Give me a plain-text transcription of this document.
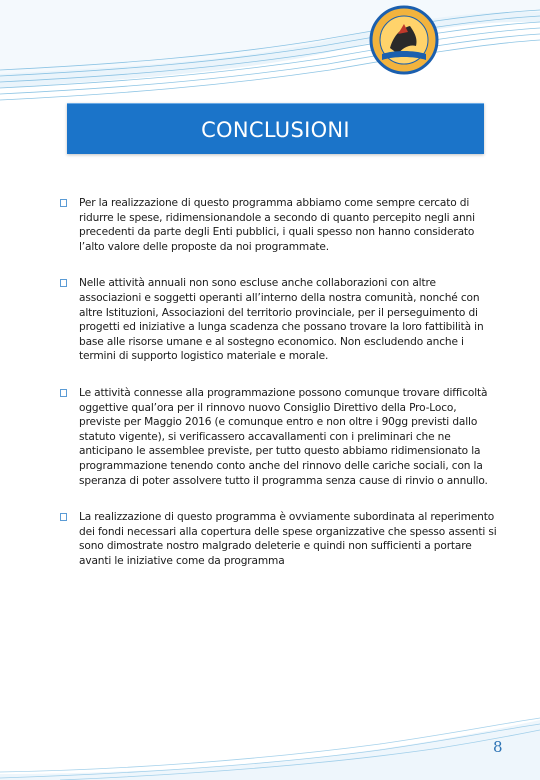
CONCLUSIONI
Per la realizzazione di questo programma abbiamo come sempre cercato di ridurre le spese, ridimensionandole a secondo di quanto percepito negli anni precedenti da parte degli Enti pubblici, i quali spesso non hanno considerato l’alto valore delle proposte da noi programmate.
Nelle attività annuali non sono escluse anche collaborazioni con altre associazioni e soggetti operanti all’interno della nostra comunità, nonché con altre Istituzioni, Associazioni del territorio provinciale, per il perseguimento di progetti ed iniziative a lunga scadenza che possano trovare la loro fattibilità in base alle risorse umane e al sostegno economico. Non escludendo anche i termini di supporto logistico materiale e morale.
Le attività connesse alla programmazione possono comunque trovare difficoltà oggettive qual’ora per il rinnovo nuovo Consiglio Direttivo della Pro-Loco, previste per Maggio 2016 (e comunque entro e non oltre i 90gg previsti dallo statuto vigente), si verificassero accavallamenti con i preliminari che ne anticipano le assemblee previste, per tutto questo abbiamo ridimensionato la programmazione tenendo conto anche del rinnovo delle cariche sociali, con la speranza di poter assolvere tutto il programma senza cause di rinvio o annullo.
La realizzazione di questo programma è ovviamente subordinata al reperimento dei fondi necessari alla copertura delle spese organizzative che spesso assenti si sono dimostrate nostro malgrado deleterie e quindi non sufficienti a portare avanti le iniziative come da programma
8
